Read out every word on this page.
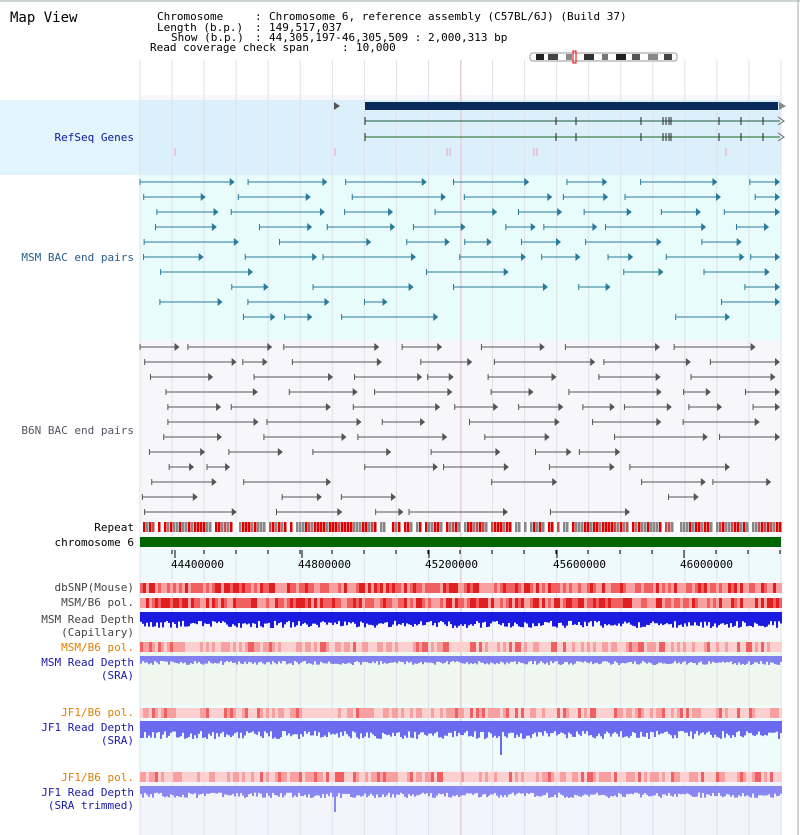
Map View	Chromosome	: Chromosome 6, reference assembly (C57BL/6J) (Build 37)
Length (b.p.) : 149,517,037
Show (b.p.) : 44,305,197-46,305,509 : 2,000,313 bp
Read coverage check span	: 10,000
RefSeq Genes
MSM BAC end pairs
B6N BAC end pairs
Repeat
chromosome 6
dbSNP(Mouse)
MSM/B6 pol.
MSM Read Depth
(Capillary)
MSM/B6 pol.
MSM Read Depth
(SRA)
JF1/B6 pol.
JF1 Read Depth
(SRA)
JF1/B6 pol.
JF1 Read Depth
(SRA trimmed)
44400000	44800000	45200000	45600000	46000000
